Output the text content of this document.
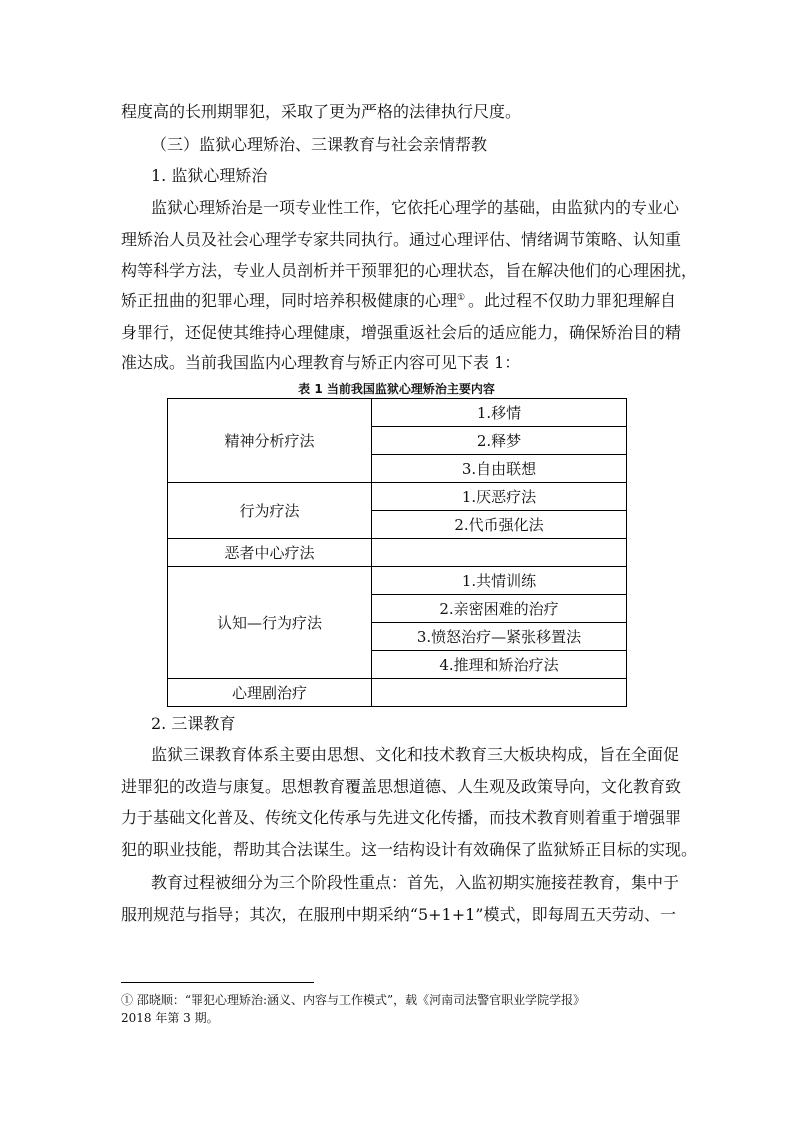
程度高的长刑期罪犯，采取了更为严格的法律执行尺度。
（三）监狱心理矫治、三课教育与社会亲情帮教
1. 监狱心理矫治
监狱心理矫治是一项专业性工作，它依托心理学的基础，由监狱内的专业心
理矫治人员及社会心理学专家共同执行。通过心理评估、情绪调节策略、认知重
构等科学方法，专业人员剖析并干预罪犯的心理状态，旨在解决他们的心理困扰，
矫正扭曲的犯罪心理，同时培养积极健康的心理① 。此过程不仅助力罪犯理解自
身罪行，还促使其维持心理健康，增强重返社会后的适应能力，确保矫治目的精
准达成。当前我国监内心理教育与矫正内容可见下表 1：
表 1 当前我国监狱心理矫治主要内容
精神分析疗法	1.移情
	2.释梦
	3.自由联想
行为疗法	1.厌恶疗法
	2.代币强化法
恶者中心疗法	
认知—行为疗法	1.共情训练
	2.亲密困难的治疗
	3.愤怒治疗—紧张移置法
	4.推理和矫治疗法
心理剧治疗	
2. 三课教育
监狱三课教育体系主要由思想、文化和技术教育三大板块构成，旨在全面促
进罪犯的改造与康复。思想教育覆盖思想道德、人生观及政策导向，文化教育致
力于基础文化普及、传统文化传承与先进文化传播，而技术教育则着重于增强罪
犯的职业技能，帮助其合法谋生。这一结构设计有效确保了监狱矫正目标的实现。
教育过程被细分为三个阶段性重点：首先，入监初期实施接茬教育，集中于
服刑规范与指导；其次，在服刑中期采纳“5+1+1”模式，即每周五天劳动、一
① 邵晓顺：“罪犯心理矫治:涵义、内容与工作模式”，载《河南司法警官职业学院学报》
2018 年第 3 期。
